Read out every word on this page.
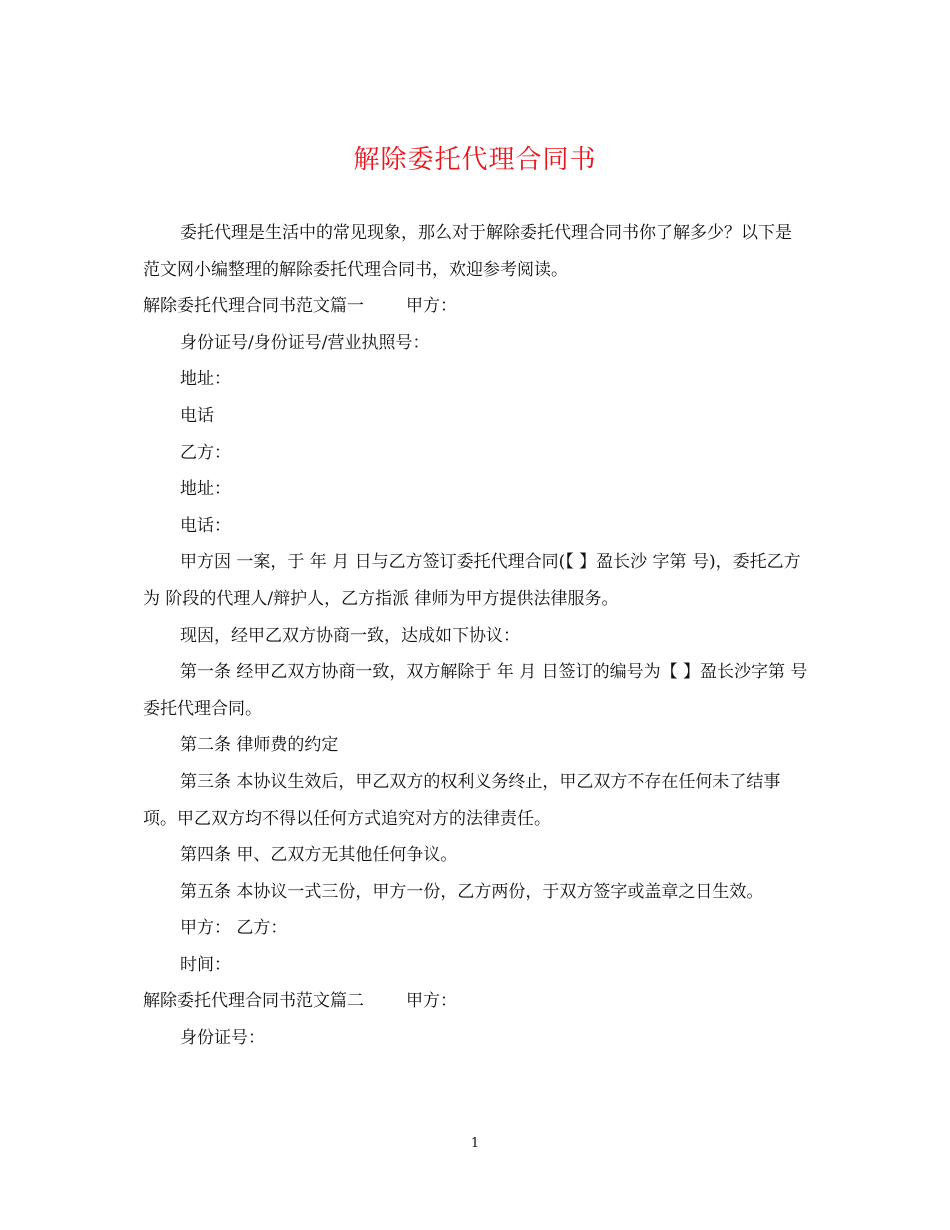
解除委托代理合同书

委托代理是生活中的常见现象，那么对于解除委托代理合同书你了解多少？以下是范文网小编整理的解除委托代理合同书，欢迎参考阅读。

解除委托代理合同书范文篇一 甲方：

身份证号/身份证号/营业执照号：

地址：

电话

乙方：

地址：

电话：

甲方因 一案，于 年 月 日与乙方签订委托代理合同(【 】盈长沙 字第 号)，委托乙方为 阶段的代理人/辩护人，乙方指派 律师为甲方提供法律服务。

现因，经甲乙双方协商一致，达成如下协议：

第一条 经甲乙双方协商一致，双方解除于 年 月 日签订的编号为【 】盈长沙字第 号委托代理合同。

第二条 律师费的约定

第三条 本协议生效后，甲乙双方的权利义务终止，甲乙双方不存在任何未了结事项。甲乙双方均不得以任何方式追究对方的法律责任。

第四条 甲、乙双方无其他任何争议。

第五条 本协议一式三份，甲方一份，乙方两份，于双方签字或盖章之日生效。

甲方： 乙方：

时间：

解除委托代理合同书范文篇二 甲方：

身份证号：

1
